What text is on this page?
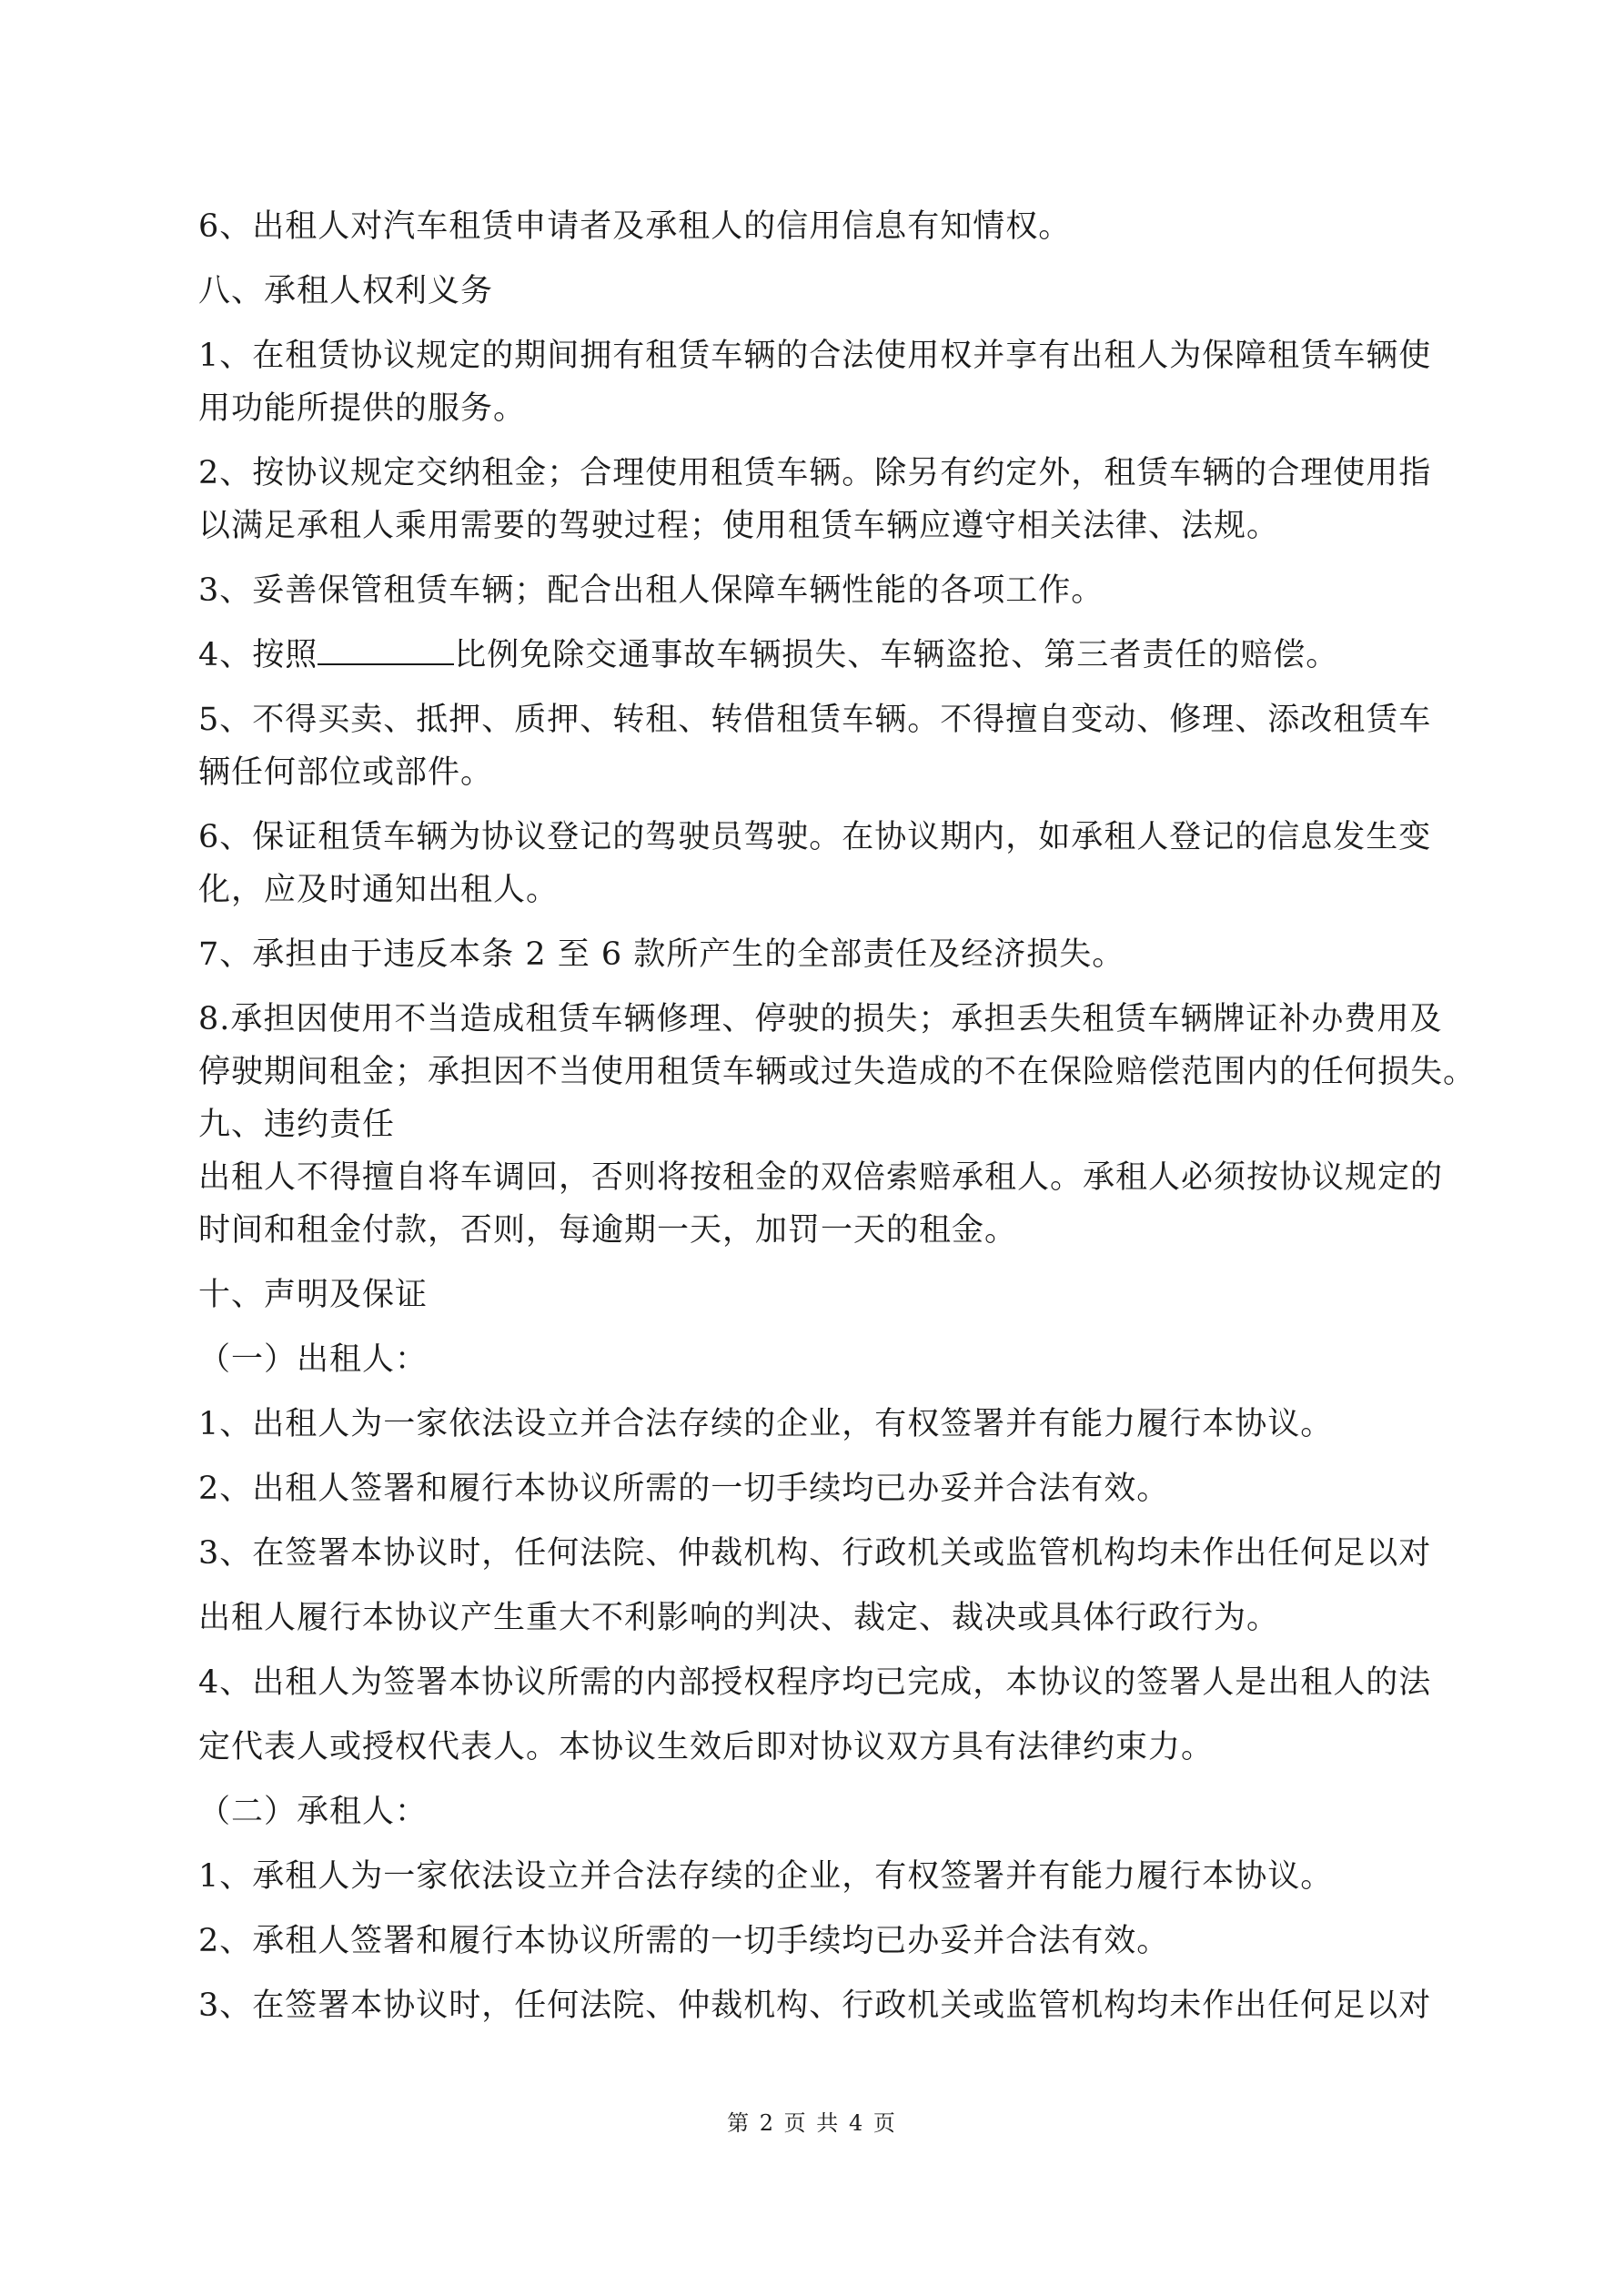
6、出租人对汽车租赁申请者及承租人的信用信息有知情权。
八、承租人权利义务
1、在租赁协议规定的期间拥有租赁车辆的合法使用权并享有出租人为保障租赁车辆使
用功能所提供的服务。
2、按协议规定交纳租金；合理使用租赁车辆。除另有约定外，租赁车辆的合理使用指
以满足承租人乘用需要的驾驶过程；使用租赁车辆应遵守相关法律、法规。
3、妥善保管租赁车辆；配合出租人保障车辆性能的各项工作。
4、按照	比例免除交通事故车辆损失、车辆盗抢、第三者责任的赔偿。
5、不得买卖、抵押、质押、转租、转借租赁车辆。不得擅自变动、修理、添改租赁车
辆任何部位或部件。
6、保证租赁车辆为协议登记的驾驶员驾驶。在协议期内，如承租人登记的信息发生变
化，应及时通知出租人。
7、承担由于违反本条 2 至 6 款所产生的全部责任及经济损失。
8.承担因使用不当造成租赁车辆修理、停驶的损失；承担丢失租赁车辆牌证补办费用及
停驶期间租金；承担因不当使用租赁车辆或过失造成的不在保险赔偿范围内的任何损失。
九、违约责任
出租人不得擅自将车调回，否则将按租金的双倍索赔承租人。承租人必须按协议规定的
时间和租金付款，否则，每逾期一天，加罚一天的租金。
十、声明及保证
（一）出租人：
1、出租人为一家依法设立并合法存续的企业，有权签署并有能力履行本协议。
2、出租人签署和履行本协议所需的一切手续均已办妥并合法有效。
3、在签署本协议时，任何法院、仲裁机构、行政机关或监管机构均未作出任何足以对
出租人履行本协议产生重大不利影响的判决、裁定、裁决或具体行政行为。
4、出租人为签署本协议所需的内部授权程序均已完成，本协议的签署人是出租人的法
定代表人或授权代表人。本协议生效后即对协议双方具有法律约束力。
（二）承租人：
1、承租人为一家依法设立并合法存续的企业，有权签署并有能力履行本协议。
2、承租人签署和履行本协议所需的一切手续均已办妥并合法有效。
3、在签署本协议时，任何法院、仲裁机构、行政机关或监管机构均未作出任何足以对
第 2 页 共 4 页
